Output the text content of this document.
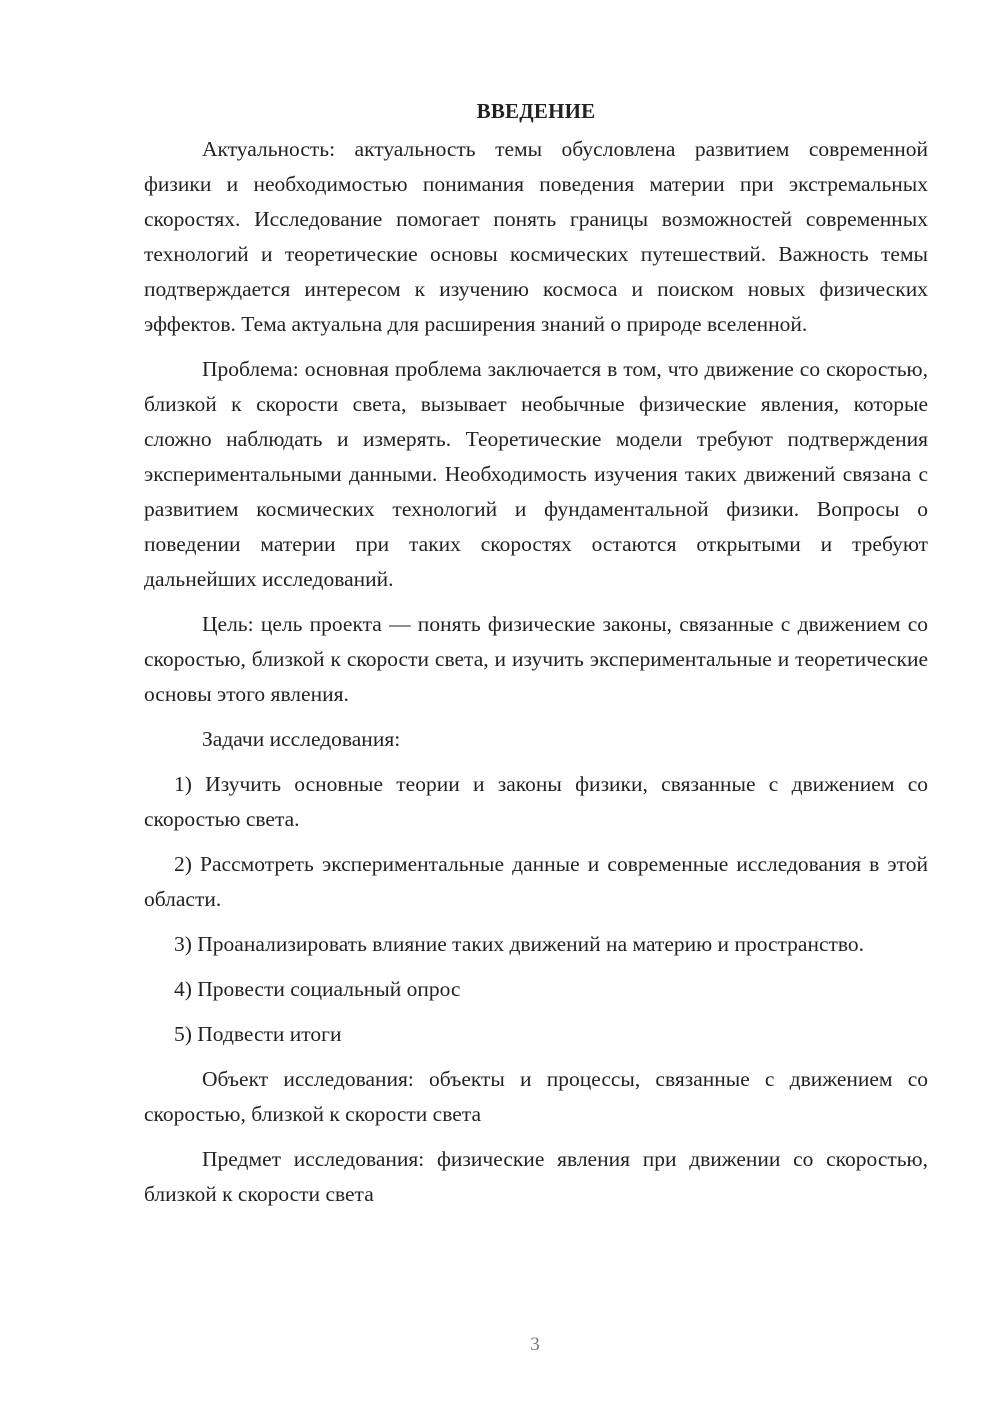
ВВЕДЕНИЕ

Актуальность: актуальность темы обусловлена развитием современной физики и необходимостью понимания поведения материи при экстремальных скоростях. Исследование помогает понять границы возможностей современных технологий и теоретические основы космических путешествий. Важность темы подтверждается интересом к изучению космоса и поиском новых физических эффектов. Тема актуальна для расширения знаний о природе вселенной.

Проблема: основная проблема заключается в том, что движение со скоростью, близкой к скорости света, вызывает необычные физические явления, которые сложно наблюдать и измерять. Теоретические модели требуют подтверждения экспериментальными данными. Необходимость изучения таких движений связана с развитием космических технологий и фундаментальной физики. Вопросы о поведении материи при таких скоростях остаются открытыми и требуют дальнейших исследований.

Цель: цель проекта — понять физические законы, связанные с движением со скоростью, близкой к скорости света, и изучить экспериментальные и теоретические основы этого явления.

Задачи исследования:

1) Изучить основные теории и законы физики, связанные с движением со скоростью света.

2) Рассмотреть экспериментальные данные и современные исследования в этой области.

3) Проанализировать влияние таких движений на материю и пространство.

4) Провести социальный опрос

5) Подвести итоги

Объект исследования: объекты и процессы, связанные с движением со скоростью, близкой к скорости света

Предмет исследования: физические явления при движении со скоростью, близкой к скорости света

3
